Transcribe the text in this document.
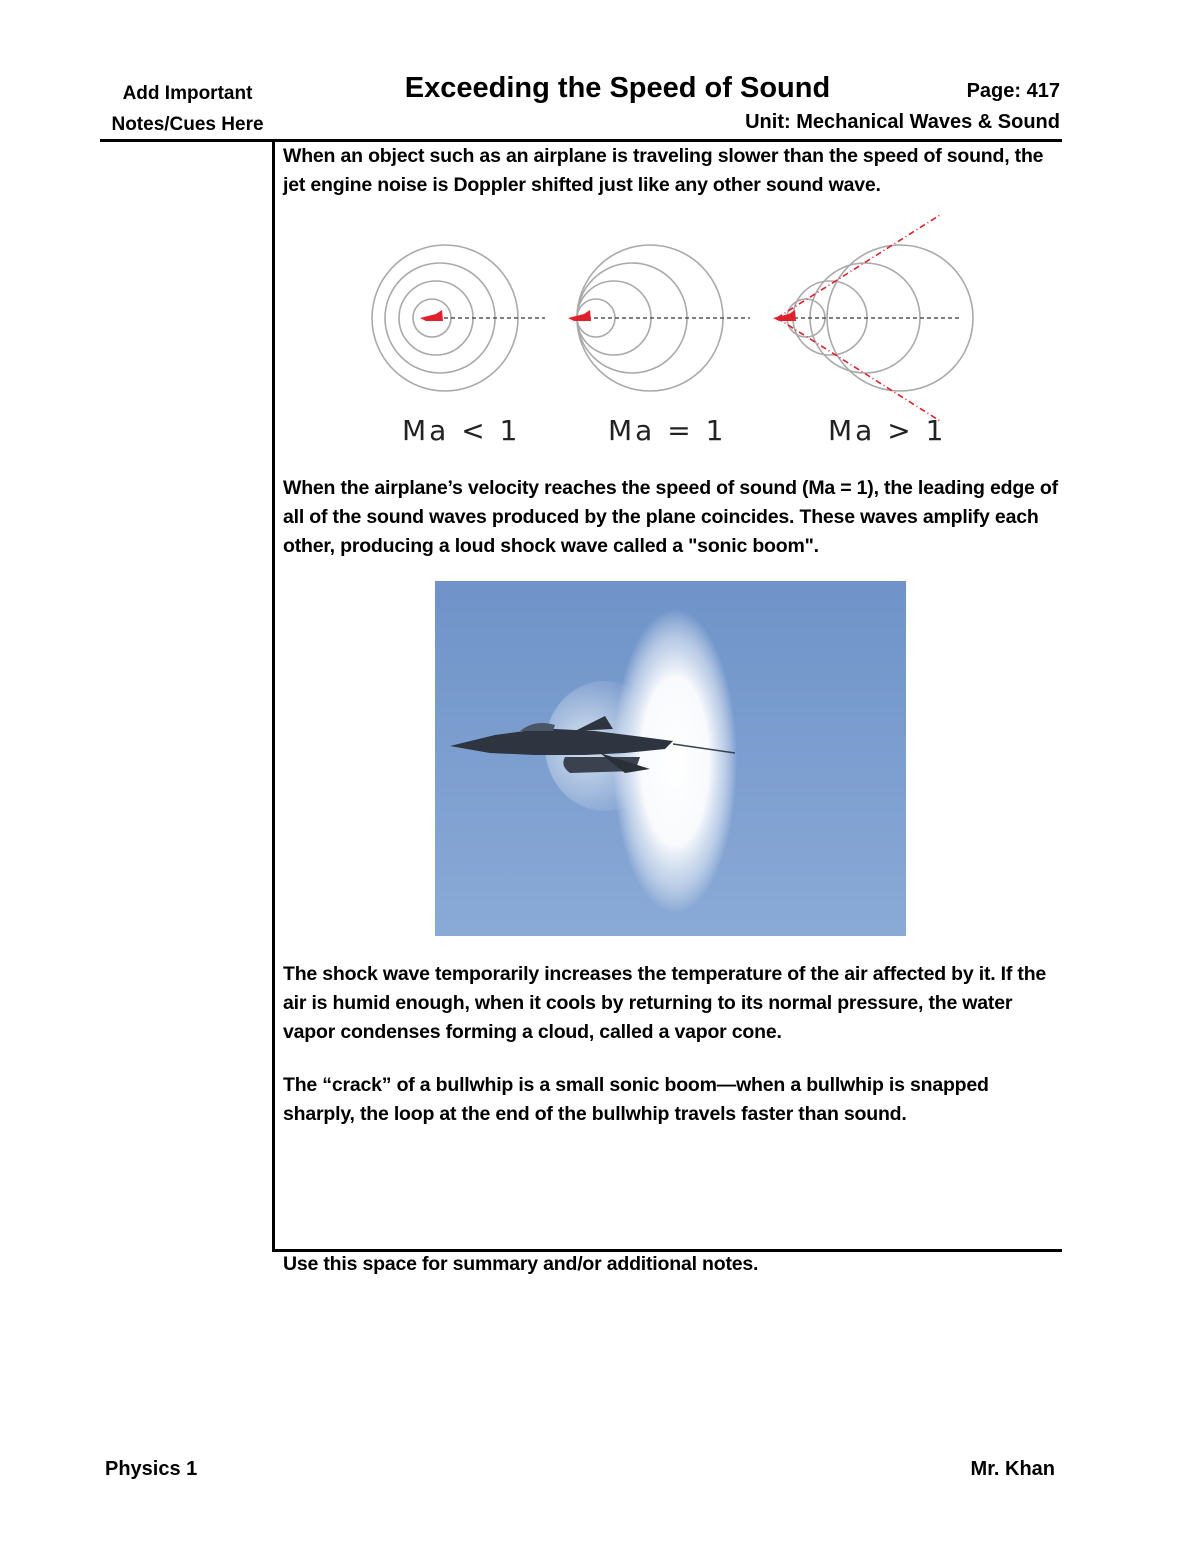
Add Important
Notes/Cues Here
Exceeding the Speed of Sound	Page: 417
Unit: Mechanical Waves & Sound
When an object such as an airplane is traveling slower than the speed of sound, the jet engine noise is Doppler shifted just like any other sound wave.
Ma < 1	Ma = 1	Ma > 1
When the airplane’s velocity reaches the speed of sound (Ma = 1), the leading edge of all of the sound waves produced by the plane coincides. These waves amplify each other, producing a loud shock wave called a "sonic boom".
The shock wave temporarily increases the temperature of the air affected by it. If the air is humid enough, when it cools by returning to its normal pressure, the water vapor condenses forming a cloud, called a vapor cone.
The “crack” of a bullwhip is a small sonic boom—when a bullwhip is snapped sharply, the loop at the end of the bullwhip travels faster than sound.
Use this space for summary and/or additional notes.
Physics 1	Mr. Khan
